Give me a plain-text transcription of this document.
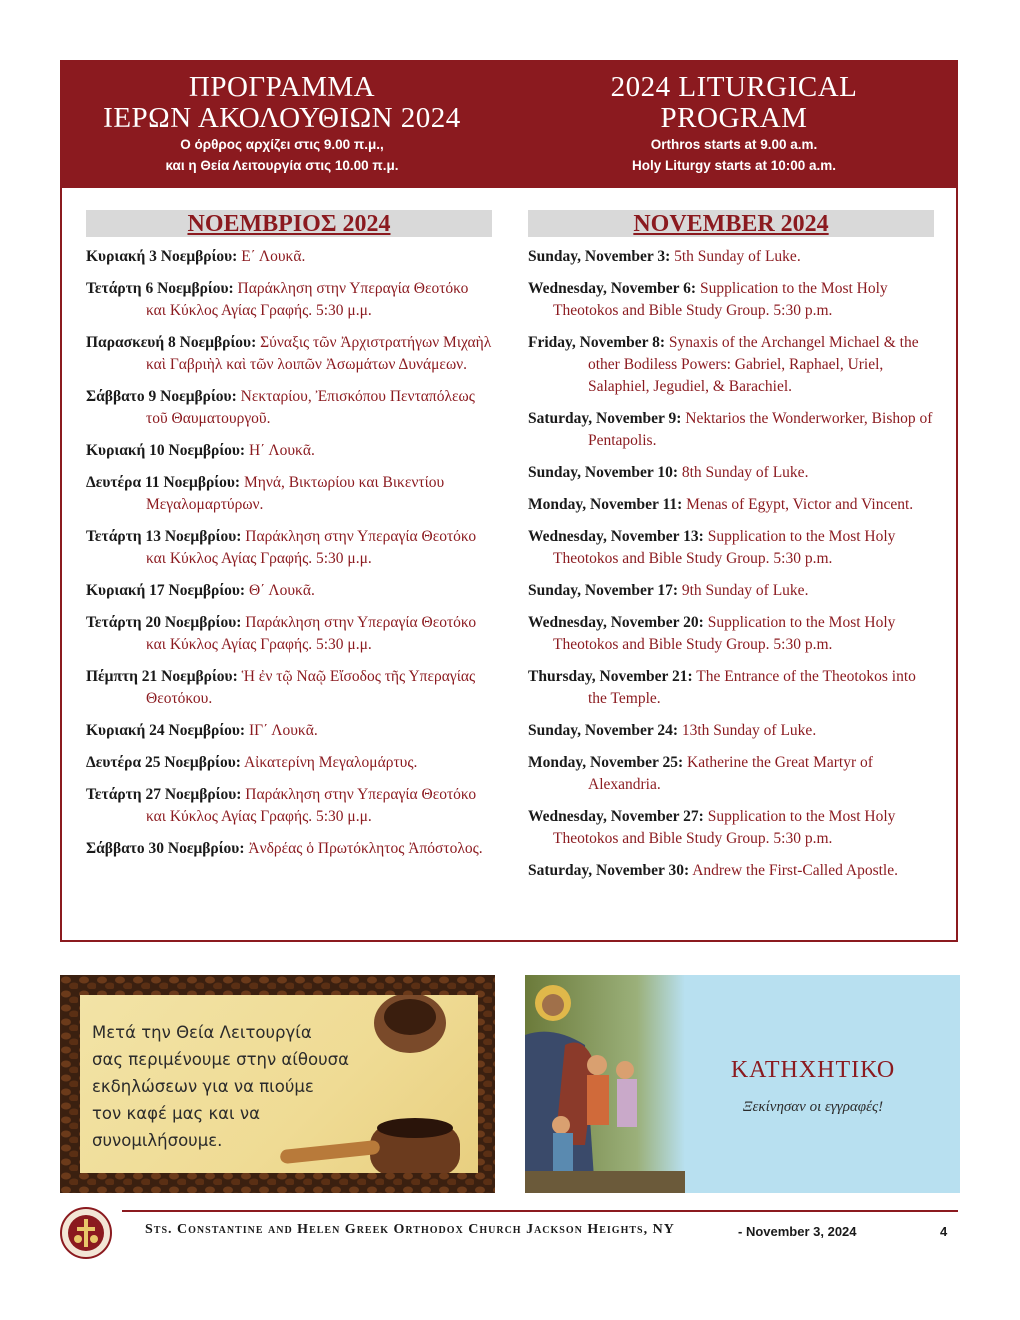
ΠΡΟΓΡΑΜΜΑ

ΙΕΡΩΝ ΑΚΟΛΟΥΘΙΩΝ 2024

Ο όρθρος αρχίζει στις 9.00 π.μ.,

και η Θεία Λειτουργία στις 10.00 π.μ.

2024 LITURGICAL

PROGRAM

Orthros starts at 9.00 a.m.

Holy Liturgy starts at 10:00 a.m.

ΝΟΕΜΒΡΙΟΣ 2024
Κυριακή 3 Νοεμβρίου: Ε΄ Λουκᾶ.
Τετάρτη 6 Νοεμβρίου: Παράκληση στην Υπεραγία Θεοτόκο και Κύκλος Αγίας Γραφής. 5:30 μ.μ.
Παρασκευή 8 Νοεμβρίου: Σύναξις τῶν Ἀρχιστρατήγων Μιχαὴλ καὶ Γαβριὴλ καὶ τῶν λοιπῶν Ἀσωμάτων Δυνάμεων.
Σάββατο 9 Νοεμβρίου: Νεκταρίου, Ἐπισκόπου Πενταπόλεως τοῦ Θαυματουργοῦ.
Κυριακή 10 Νοεμβρίου: Η΄ Λουκᾶ.
Δευτέρα 11 Νοεμβρίου: Μηνά, Βικτωρίου και Βικεντίου Μεγαλομαρτύρων.
Τετάρτη 13 Νοεμβρίου: Παράκληση στην Υπεραγία Θεοτόκο και Κύκλος Αγίας Γραφής. 5:30 μ.μ.
Κυριακή 17 Νοεμβρίου: Θ΄ Λουκᾶ.
Τετάρτη 20 Νοεμβρίου: Παράκληση στην Υπεραγία Θεοτόκο και Κύκλος Αγίας Γραφής. 5:30 μ.μ.
Πέμπτη 21 Νοεμβρίου: Ἡ ἐν τῷ Ναῷ Εἴσοδος τῆς Υπεραγίας Θεοτόκου.
Κυριακή 24 Νοεμβρίου: ΙΓ΄ Λουκᾶ.
Δευτέρα 25 Νοεμβρίου: Αἰκατερίνη Μεγαλομάρτυς.
Τετάρτη 27 Νοεμβρίου: Παράκληση στην Υπεραγία Θεοτόκο και Κύκλος Αγίας Γραφής. 5:30 μ.μ.
Σάββατο 30 Νοεμβρίου: Ἀνδρέας ὁ Πρωτόκλητος Ἀπόστολος.
NOVEMBER 2024
Sunday, November 3: 5th Sunday of Luke.
Wednesday, November 6: Supplication to the Most Holy Theotokos and Bible Study Group. 5:30 p.m.
Friday, November 8: Synaxis of the Archangel Michael & the other Bodiless Powers: Gabriel, Raphael, Uriel, Salaphiel, Jegudiel, & Barachiel.
Saturday, November 9: Nektarios the Wonderworker, Bishop of Pentapolis.
Sunday, November 10: 8th Sunday of Luke.
Monday, November 11: Menas of Egypt, Victor and Vincent.
Wednesday, November 13: Supplication to the Most Holy Theotokos and Bible Study Group. 5:30 p.m.
Sunday, November 17: 9th Sunday of Luke.
Wednesday, November 20: Supplication to the Most Holy Theotokos and Bible Study Group. 5:30 p.m.
Thursday, November 21: The Entrance of the Theotokos into the Temple.
Sunday, November 24: 13th Sunday of Luke.
Monday, November 25: Katherine the Great Martyr of Alexandria.
Wednesday, November 27: Supplication to the Most Holy Theotokos and Bible Study Group. 5:30 p.m.
Saturday, November 30: Andrew the First-Called Apostle.
Μετά την Θεία Λειτουργία
σας περιμένουμε στην αίθουσα
εκδηλώσεων για να πιούμε
τον καφέ μας και να
συνομιλήσουμε.
ΚΑΤΗΧΗΤΙΚΟ
Ξεκίνησαν οι εγγραφές!
Sts. Constantine and Helen Greek Orthodox Church Jackson Heights, NY	- November 3, 2024	4
